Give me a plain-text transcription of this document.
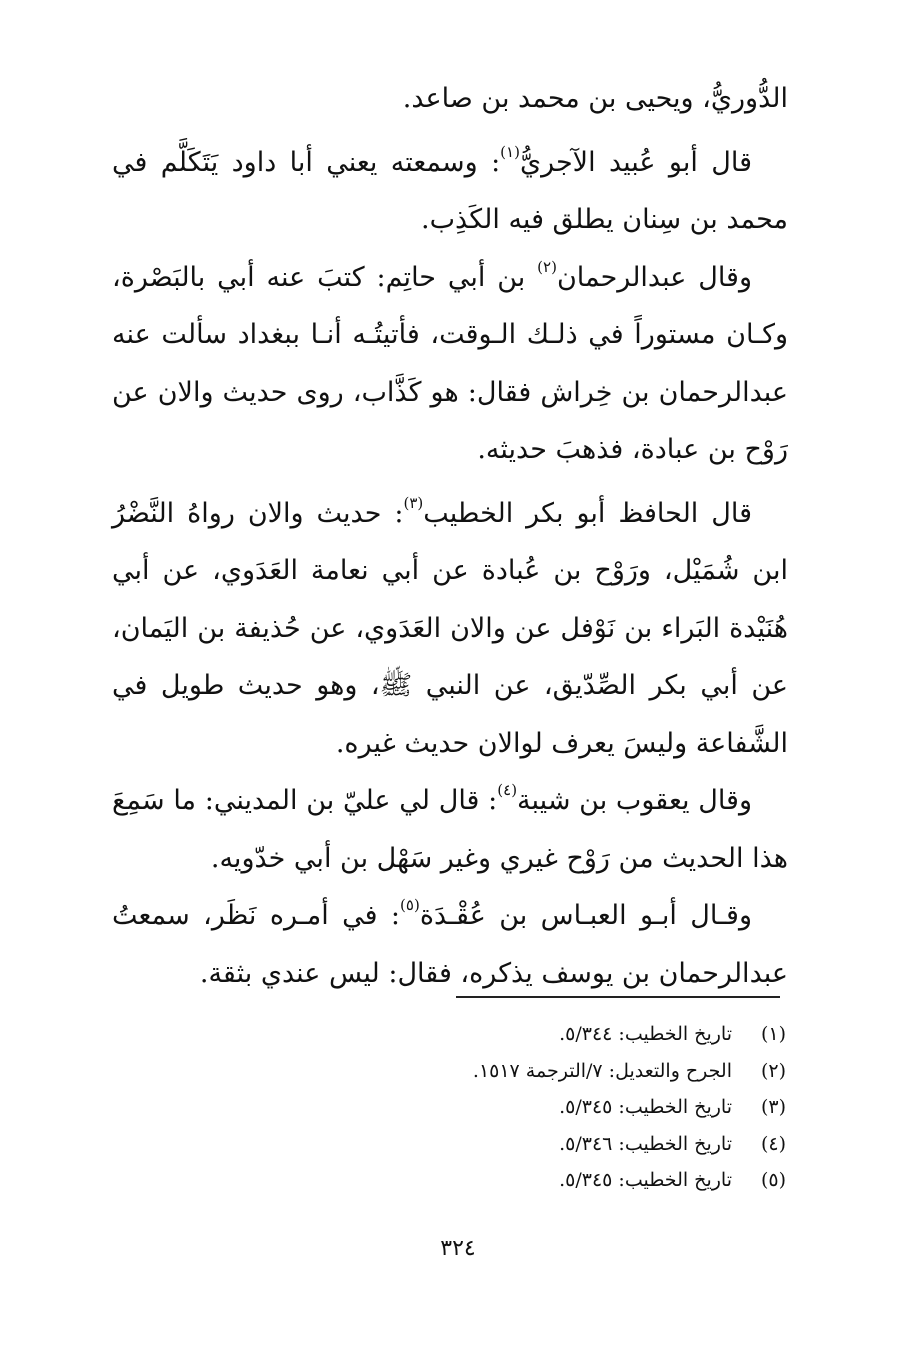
الدُّوريُّ، ويحيى بن محمد بن صاعد.

قال أبو عُبيد الآجريُّ$^{(١)}$: وسمعته يعني أبا داود يَتَكَلَّم في محمد بن سِنان يطلق فيه الكَذِب.

وقال عبدالرحمان$^{(٢)}$ بن أبي حاتِم: كتبَ عنه أبي بالبَصْرة، وكـان مستوراً في ذلـك الـوقت، فأتيتُـه أنـا ببغداد سألت عنه عبدالرحمان بن خِراش فقال: هو كَذَّاب، روى حديث والان عن رَوْح بن عبادة، فذهبَ حديثه.

قال الحافظ أبو بكر الخطيب$^{(٣)}$: حديث والان رواهُ النَّضْرُ ابن شُمَيْل، ورَوْح بن عُبادة عن أبي نعامة العَدَوي، عن أبي هُنَيْدة البَراء بن نَوْفل عن والان العَدَوي، عن حُذيفة بن اليَمان، عن أبي بكر الصِّدّيق، عن النبي ﷺ، وهو حديث طويل في الشَّفاعة وليسَ يعرف لوالان حديث غيره.

وقال يعقوب بن شيبة$^{(٤)}$: قال لي عليّ بن المديني: ما سَمِعَ هذا الحديث من رَوْح غيري وغير سَهْل بن أبي خدّويه.

وقـال أبـو العبـاس بن عُقْـدَة$^{(٥)}$: في أمـره نَظَر، سمعتُ عبدالرحمان بن يوسف يذكره، فقال: ليس عندي بثقة.

(١)تاريخ الخطيب: ٥/٣٤٤.
(٢)الجرح والتعديل: ٧/الترجمة ١٥١٧.
(٣)تاريخ الخطيب: ٥/٣٤٥.
(٤)تاريخ الخطيب: ٥/٣٤٦.
(٥)تاريخ الخطيب: ٥/٣٤٥.
٣٢٤
